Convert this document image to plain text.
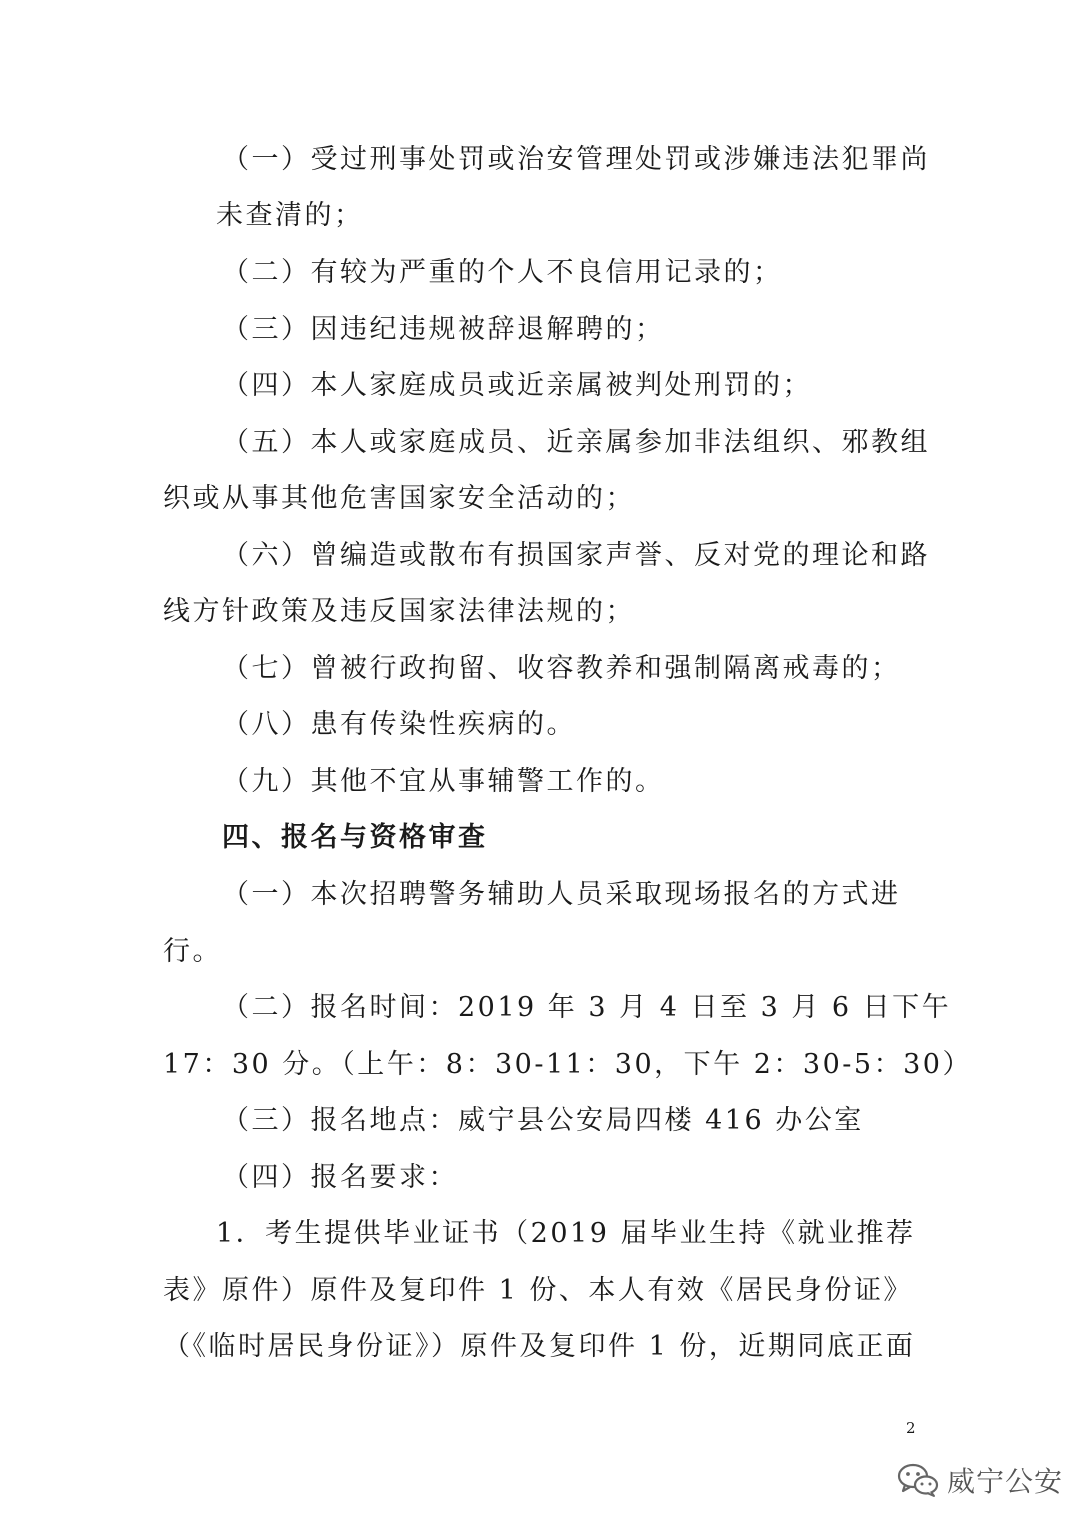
（一）受过刑事处罚或治安管理处罚或涉嫌违法犯罪尚
未查清的；
（二）有较为严重的个人不良信用记录的；
（三）因违纪违规被辞退解聘的；
（四）本人家庭成员或近亲属被判处刑罚的；
（五）本人或家庭成员、近亲属参加非法组织、邪教组
织或从事其他危害国家安全活动的；
（六）曾编造或散布有损国家声誉、反对党的理论和路
线方针政策及违反国家法律法规的；
（七）曾被行政拘留、收容教养和强制隔离戒毒的；
（八）患有传染性疾病的。
（九）其他不宜从事辅警工作的。
四、报名与资格审查
（一）本次招聘警务辅助人员采取现场报名的方式进
行。
（二）报名时间：2019 年 3 月 4 日至 3 月 6 日下午
17：30 分。（上午：8：30-11：30，下午 2：30-5：30）
（三）报名地点：威宁县公安局四楼 416 办公室
（四）报名要求：
1．考生提供毕业证书（2019 届毕业生持《就业推荐
表》原件）原件及复印件 1 份、本人有效《居民身份证》
（《临时居民身份证》）原件及复印件 1 份，近期同底正面
2
威宁公安
